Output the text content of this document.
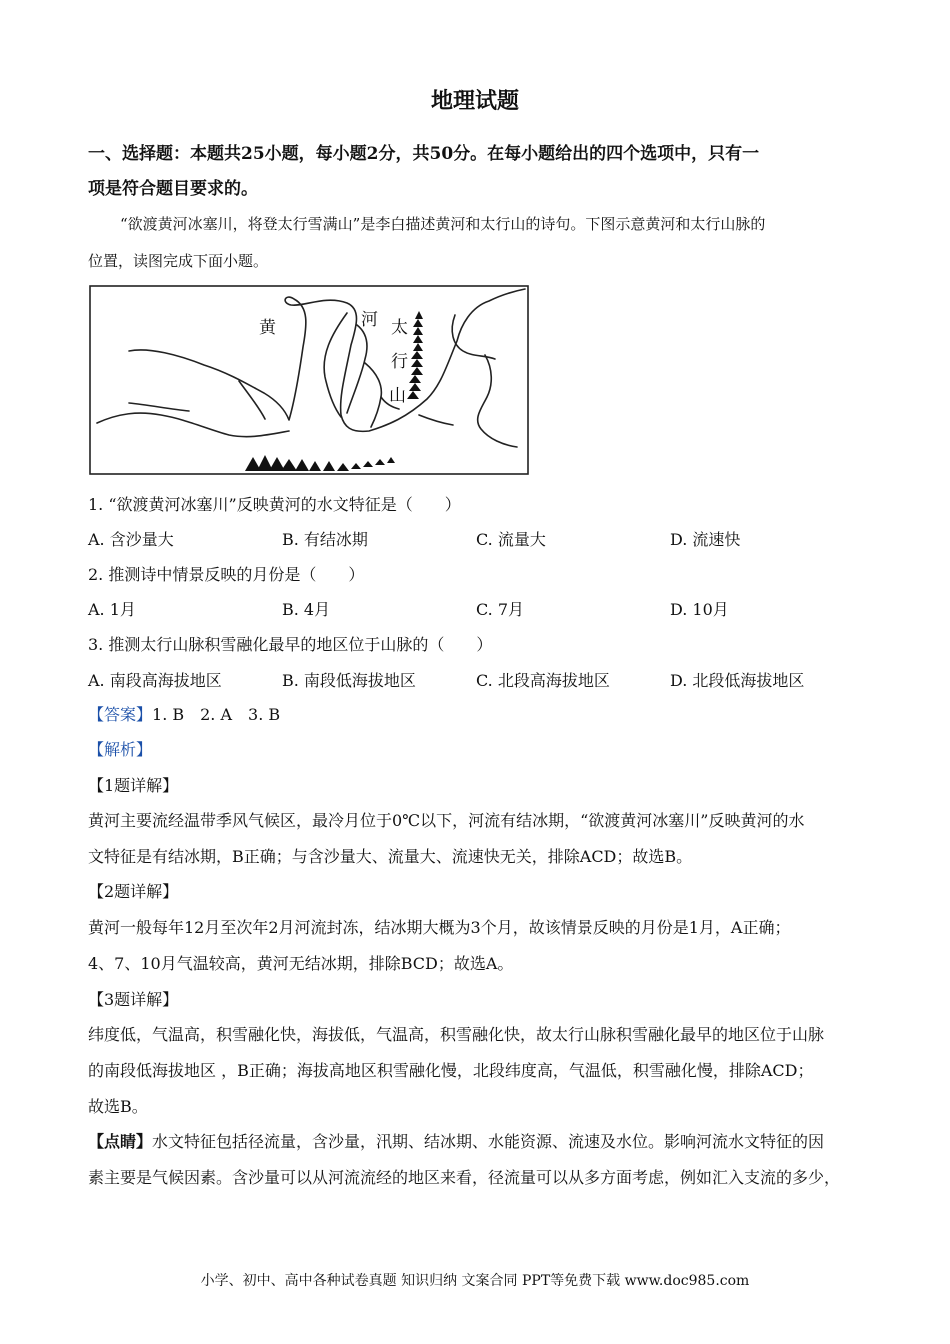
地理试题
一、选择题：本题共25小题，每小题2分，共50分。在每小题给出的四个选项中，只有一
项是符合题目要求的。
“欲渡黄河冰塞川，将登太行雪满山”是李白描述黄河和太行山的诗句。下图示意黄河和太行山脉的
位置，读图完成下面小题。
黄	河 太
行
山
1. “欲渡黄河冰塞川”反映黄河的水文特征是（　　）
A. 含沙量大	B. 有结冰期	C. 流量大	D. 流速快
2. 推测诗中情景反映的月份是（　　）
A. 1月	B. 4月	C. 7月	D. 10月
3. 推测太行山脉积雪融化最早的地区位于山脉的（　　）
A. 南段高海拔地区	B. 南段低海拔地区	C. 北段高海拔地区	D. 北段低海拔地区
【答案】1. B　2. A　3. B
【解析】
【1题详解】
黄河主要流经温带季风气候区，最冷月位于0℃以下，河流有结冰期，“欲渡黄河冰塞川”反映黄河的水
文特征是有结冰期，B正确；与含沙量大、流量大、流速快无关，排除ACD；故选B。
【2题详解】
黄河一般每年12月至次年2月河流封冻，结冰期大概为3个月，故该情景反映的月份是1月，A正确；
4、7、10月气温较高，黄河无结冰期，排除BCD；故选A。
【3题详解】
纬度低，气温高，积雪融化快，海拔低，气温高，积雪融化快，故太行山脉积雪融化最早的地区位于山脉
的南段低海拔地区 ，B正确；海拔高地区积雪融化慢，北段纬度高，气温低，积雪融化慢，排除ACD；
故选B。
【点睛】水文特征包括径流量，含沙量，汛期、结冰期、水能资源、流速及水位。影响河流水文特征的因
素主要是气候因素。含沙量可以从河流流经的地区来看，径流量可以从多方面考虑，例如汇入支流的多少，
小学、初中、高中各种试卷真题 知识归纳 文案合同 PPT等免费下载 www.doc985.com
